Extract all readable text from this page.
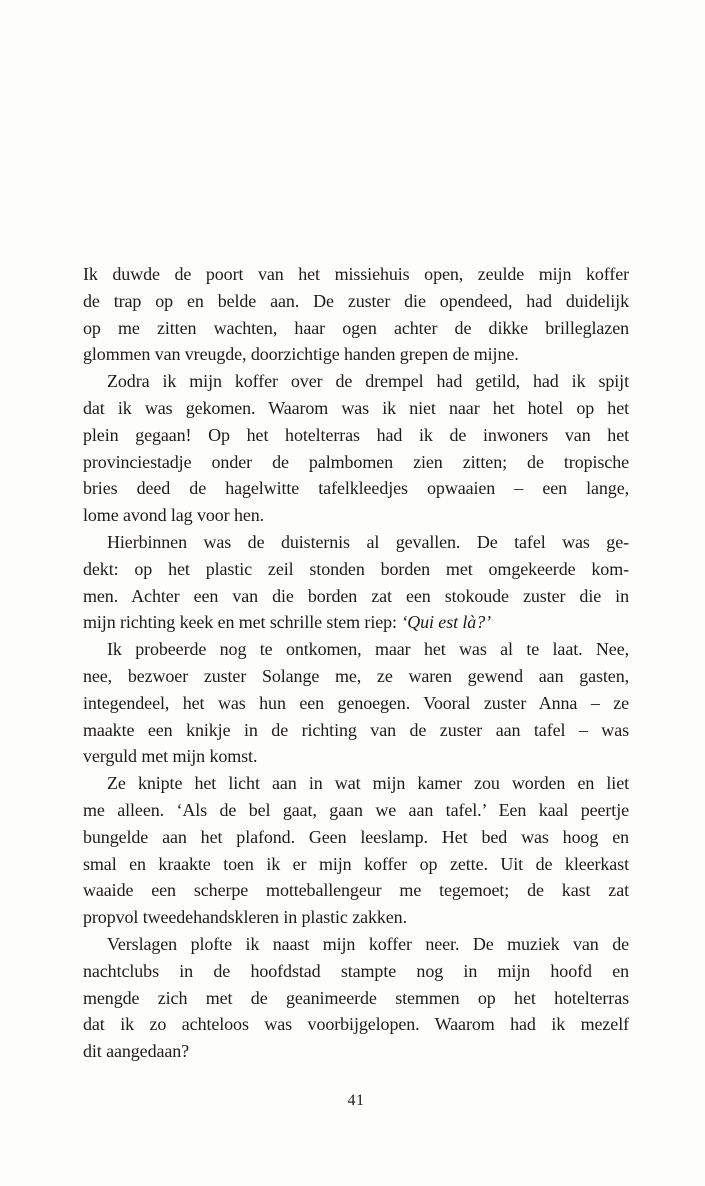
Ik duwde de poort van het missiehuis open, zeulde mijn koffer
de trap op en belde aan. De zuster die opendeed, had duidelijk
op me zitten wachten, haar ogen achter de dikke brilleglazen
glommen van vreugde, doorzichtige handen grepen de mijne.
Zodra ik mijn koffer over de drempel had getild, had ik spijt
dat ik was gekomen. Waarom was ik niet naar het hotel op het
plein gegaan! Op het hotelterras had ik de inwoners van het
provinciestadje onder de palmbomen zien zitten; de tropische
bries deed de hagelwitte tafelkleedjes opwaaien – een lange,
lome avond lag voor hen.
Hierbinnen was de duisternis al gevallen. De tafel was ge-
dekt: op het plastic zeil stonden borden met omgekeerde kom-
men. Achter een van die borden zat een stokoude zuster die in
mijn richting keek en met schrille stem riep: ‘Qui est là?’
Ik probeerde nog te ontkomen, maar het was al te laat. Nee,
nee, bezwoer zuster Solange me, ze waren gewend aan gasten,
integendeel, het was hun een genoegen. Vooral zuster Anna – ze
maakte een knikje in de richting van de zuster aan tafel – was
verguld met mijn komst.
Ze knipte het licht aan in wat mijn kamer zou worden en liet
me alleen. ‘Als de bel gaat, gaan we aan tafel.’ Een kaal peertje
bungelde aan het plafond. Geen leeslamp. Het bed was hoog en
smal en kraakte toen ik er mijn koffer op zette. Uit de kleerkast
waaide een scherpe motteballengeur me tegemoet; de kast zat
propvol tweedehandskleren in plastic zakken.
Verslagen plofte ik naast mijn koffer neer. De muziek van de
nachtclubs in de hoofdstad stampte nog in mijn hoofd en
mengde zich met de geanimeerde stemmen op het hotelterras
dat ik zo achteloos was voorbijgelopen. Waarom had ik mezelf
dit aangedaan?
41
